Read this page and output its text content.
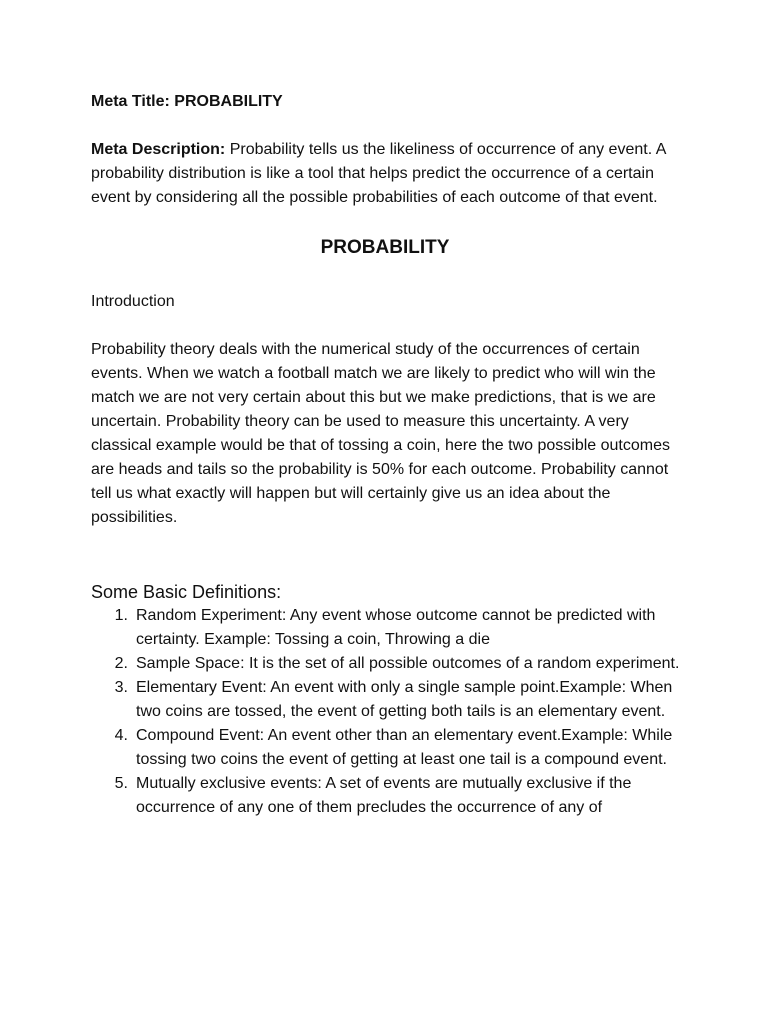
Meta Title: PROBABILITY

Meta Description: Probability tells us the likeliness of occurrence of any event. A probability distribution is like a tool that helps predict the occurrence of a certain event by considering all the possible probabilities of each outcome of that event.

PROBABILITY

Introduction

Probability theory deals with the numerical study of the occurrences of certain events. When we watch a football match we are likely to predict who will win the match we are not very certain about this but we make predictions, that is we are uncertain. Probability theory can be used to measure this uncertainty. A very classical example would be that of tossing a coin, here the two possible outcomes are heads and tails so the probability is 50% for each outcome. Probability cannot tell us what exactly will happen but will certainly give us an idea about the possibilities.

Some Basic Definitions:
1. Random Experiment: Any event whose outcome cannot be predicted with certainty. Example: Tossing a coin, Throwing a die
2. Sample Space: It is the set of all possible outcomes of a random experiment.
3. Elementary Event: An event with only a single sample point.Example: When two coins are tossed, the event of getting both tails is an elementary event.
4. Compound Event: An event other than an elementary event.Example: While tossing two coins the event of getting at least one tail is a compound event.
5. Mutually exclusive events: A set of events are mutually exclusive if the occurrence of any one of them precludes the occurrence of any of
